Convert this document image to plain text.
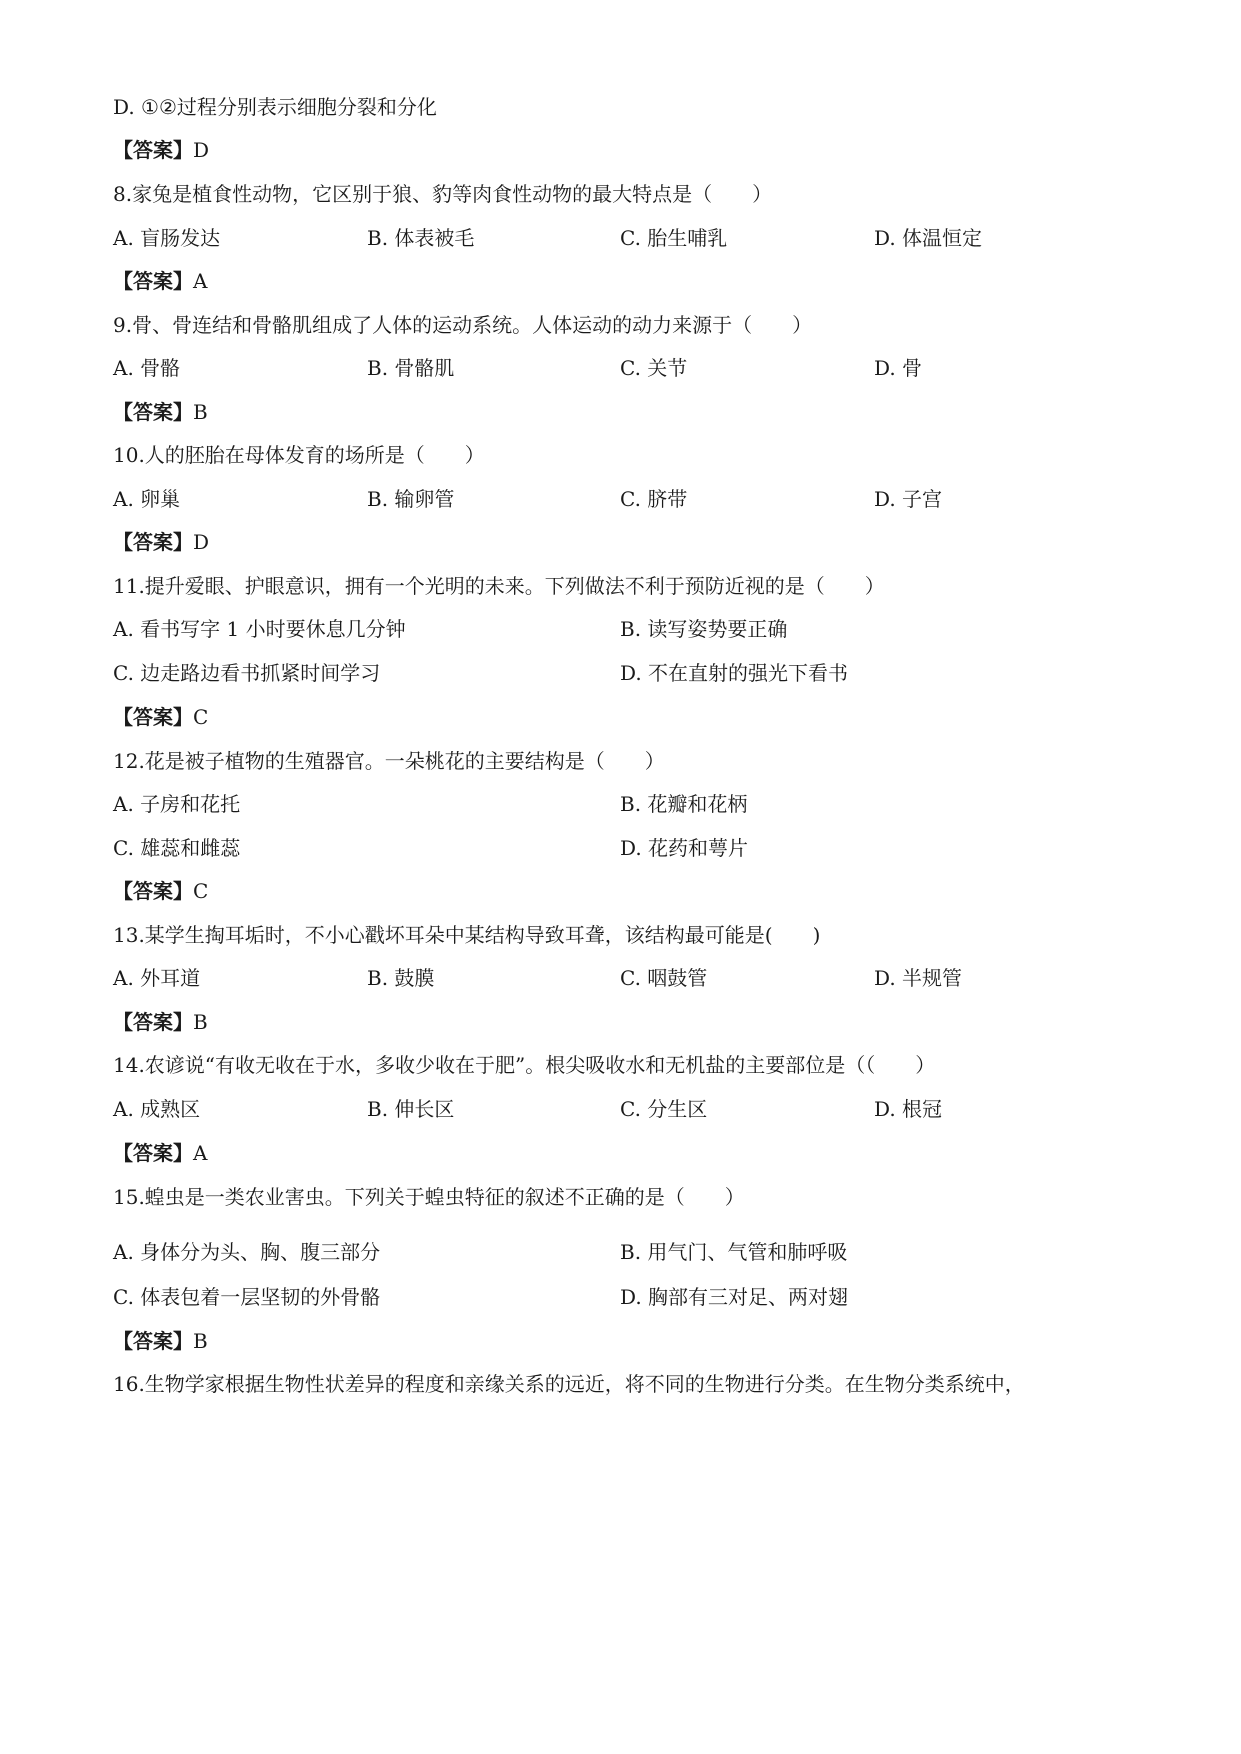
D. ①②过程分别表示细胞分裂和分化
【答案】D
8.家兔是植食性动物，它区别于狼、豹等肉食性动物的最大特点是（　　）
A. 盲肠发达	B. 体表被毛	C. 胎生哺乳	D. 体温恒定
【答案】A
9.骨、骨连结和骨骼肌组成了人体的运动系统。人体运动的动力来源于（　　）
A. 骨骼	B. 骨骼肌	C. 关节	D. 骨
【答案】B
10.人的胚胎在母体发育的场所是（　　）
A. 卵巢	B. 输卵管	C. 脐带	D. 子宫
【答案】D
11.提升爱眼、护眼意识，拥有一个光明的未来。下列做法不利于预防近视的是（　　）
A. 看书写字 1 小时要休息几分钟	B. 读写姿势要正确
C. 边走路边看书抓紧时间学习	D. 不在直射的强光下看书
【答案】C
12.花是被子植物的生殖器官。一朵桃花的主要结构是（　　）
A. 子房和花托	B. 花瓣和花柄
C. 雄蕊和雌蕊	D. 花药和萼片
【答案】C
13.某学生掏耳垢时，不小心戳坏耳朵中某结构导致耳聋，该结构最可能是(　　)
A. 外耳道	B. 鼓膜	C. 咽鼓管	D. 半规管
【答案】B
14.农谚说“有收无收在于水，多收少收在于肥”。根尖吸收水和无机盐的主要部位是（（　　）
A. 成熟区	B. 伸长区	C. 分生区	D. 根冠
【答案】A
15.蝗虫是一类农业害虫。下列关于蝗虫特征的叙述不正确的是（　　）
A. 身体分为头、胸、腹三部分	B. 用气门、气管和肺呼吸
C. 体表包着一层坚韧的外骨骼	D. 胸部有三对足、两对翅
【答案】B
16.生物学家根据生物性状差异的程度和亲缘关系的远近，将不同的生物进行分类。在生物分类系统中，
